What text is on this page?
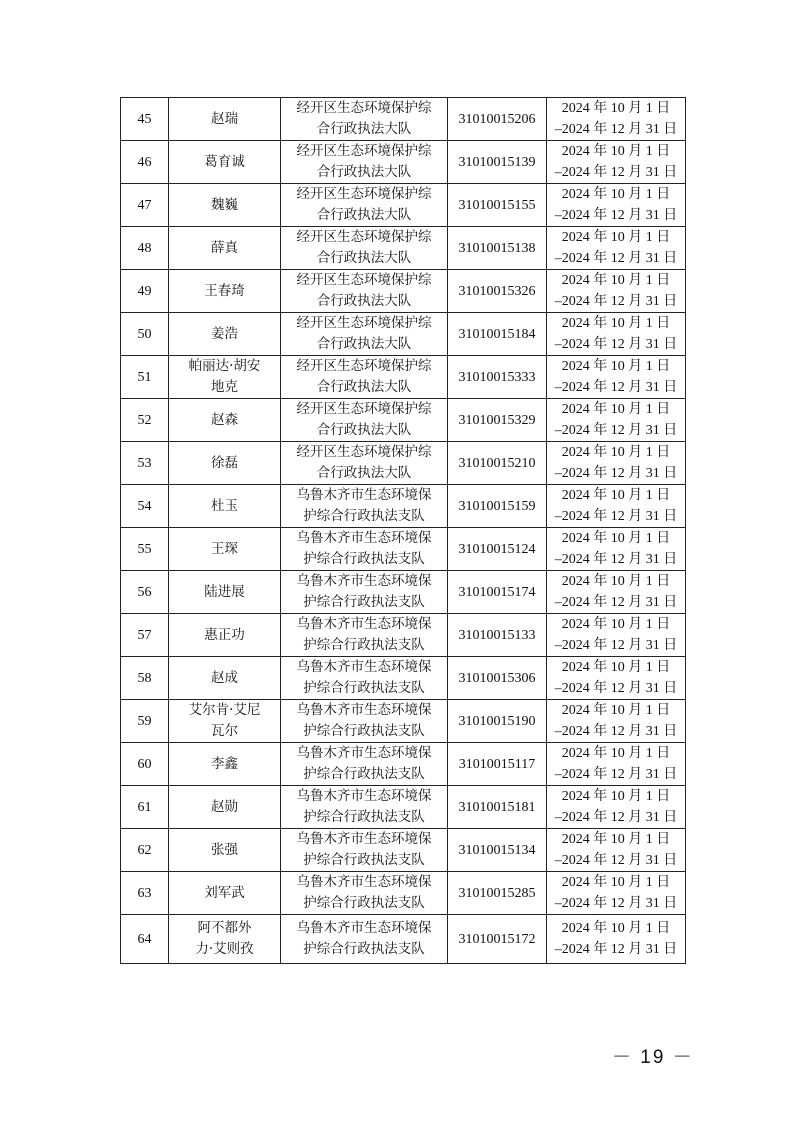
45	赵瑞	经开区生态环境保护综
合行政执法大队	31010015206	2024 年 10 月 1 日
–2024 年 12 月 31 日

46	葛育诚	经开区生态环境保护综
合行政执法大队	31010015139	2024 年 10 月 1 日
–2024 年 12 月 31 日

47	魏巍	经开区生态环境保护综
合行政执法大队	31010015155	2024 年 10 月 1 日
–2024 年 12 月 31 日

48	薛真	经开区生态环境保护综
合行政执法大队	31010015138	2024 年 10 月 1 日
–2024 年 12 月 31 日

49	王春琦	经开区生态环境保护综
合行政执法大队	31010015326	2024 年 10 月 1 日
–2024 年 12 月 31 日

50	姜浩	经开区生态环境保护综
合行政执法大队	31010015184	2024 年 10 月 1 日
–2024 年 12 月 31 日

51	帕丽达·胡安
地克	经开区生态环境保护综
合行政执法大队	31010015333	2024 年 10 月 1 日
–2024 年 12 月 31 日

52	赵森	经开区生态环境保护综
合行政执法大队	31010015329	2024 年 10 月 1 日
–2024 年 12 月 31 日

53	徐磊	经开区生态环境保护综
合行政执法大队	31010015210	2024 年 10 月 1 日
–2024 年 12 月 31 日

54	杜玉	乌鲁木齐市生态环境保
护综合行政执法支队	31010015159	2024 年 10 月 1 日
–2024 年 12 月 31 日

55	王琛	乌鲁木齐市生态环境保
护综合行政执法支队	31010015124	2024 年 10 月 1 日
–2024 年 12 月 31 日

56	陆进展	乌鲁木齐市生态环境保
护综合行政执法支队	31010015174	2024 年 10 月 1 日
–2024 年 12 月 31 日

57	惠正功	乌鲁木齐市生态环境保
护综合行政执法支队	31010015133	2024 年 10 月 1 日
–2024 年 12 月 31 日

58	赵成	乌鲁木齐市生态环境保
护综合行政执法支队	31010015306	2024 年 10 月 1 日
–2024 年 12 月 31 日

59	艾尔肯·艾尼
瓦尔	乌鲁木齐市生态环境保
护综合行政执法支队	31010015190	2024 年 10 月 1 日
–2024 年 12 月 31 日

60	李鑫	乌鲁木齐市生态环境保
护综合行政执法支队	31010015117	2024 年 10 月 1 日
–2024 年 12 月 31 日

61	赵勋	乌鲁木齐市生态环境保
护综合行政执法支队	31010015181	2024 年 10 月 1 日
–2024 年 12 月 31 日

62	张强	乌鲁木齐市生态环境保
护综合行政执法支队	31010015134	2024 年 10 月 1 日
–2024 年 12 月 31 日

63	刘军武	乌鲁木齐市生态环境保
护综合行政执法支队	31010015285	2024 年 10 月 1 日
–2024 年 12 月 31 日

64	阿不都外
力·艾则孜	乌鲁木齐市生态环境保
护综合行政执法支队	31010015172	2024 年 10 月 1 日
–2024 年 12 月 31 日
－ 19 －
